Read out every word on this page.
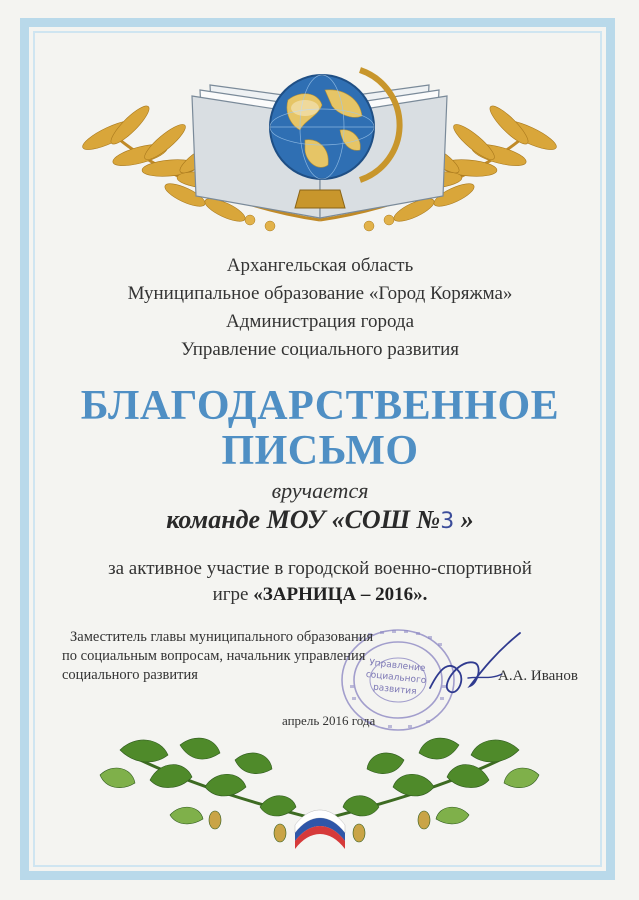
Архангельская область
Муниципальное образование «Город Коряжма»
Администрация города
Управление социального развития
БЛАГОДАРСТВЕННОЕ
ПИСЬМО
вручается
команде МОУ «СОШ №3 »
за активное участие в городской военно-спортивной
игре «ЗАРНИЦА – 2016».
Управление
социального
развития
Заместитель главы муниципального образования
по социальным вопросам, начальник управления
социального развития	А.А. Иванов
апрель 2016 года
